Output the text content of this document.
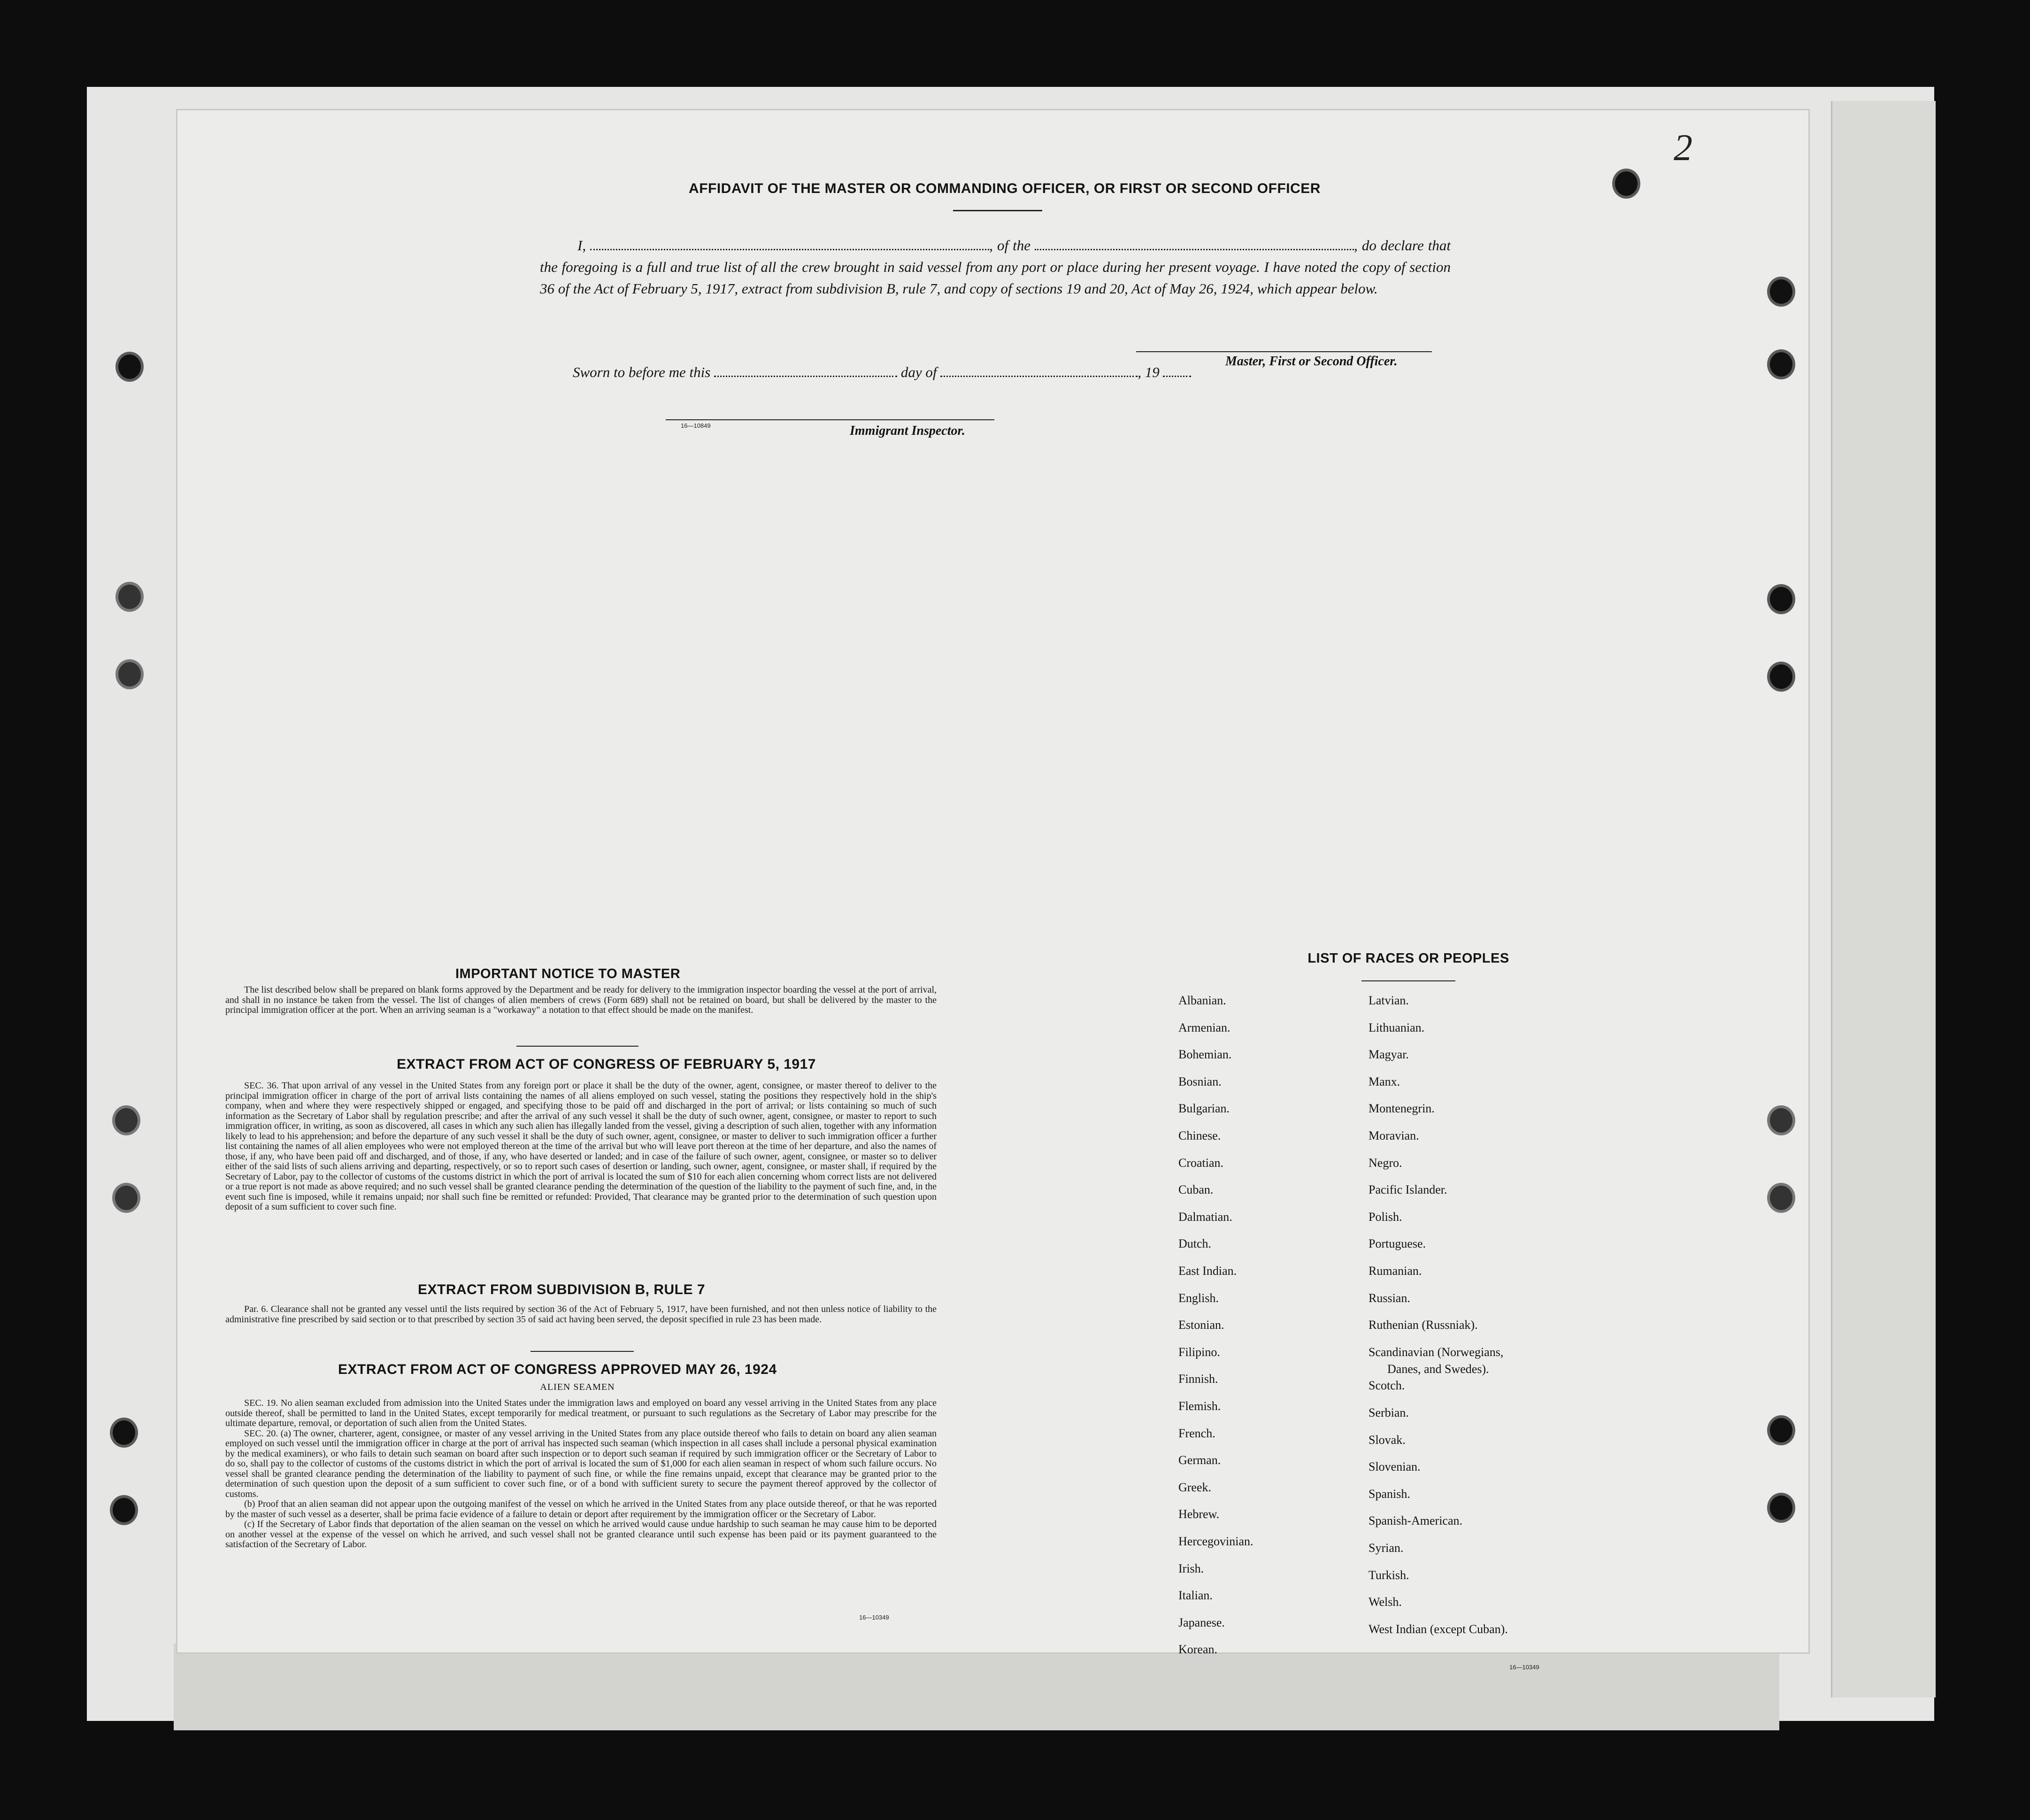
2
AFFIDAVIT OF THE MASTER OR COMMANDING OFFICER, OR FIRST OR SECOND OFFICER
I,	, of the	, do declare that the foregoing is a full and true list of all the crew brought in said vessel from any port or place during her present voyage. I have noted the copy of section 36 of the Act of February 5, 1917, extract from subdivision B, rule 7, and copy of sections 19 and 20, Act of May 26, 1924, which appear below.
Master, First or Second Officer.
Sworn to before me this	day of	, 19
16—10849	Immigrant Inspector.
IMPORTANT NOTICE TO MASTER

The list described below shall be prepared on blank forms approved by the Department and be ready for delivery to the immigration inspector boarding the vessel at the port of arrival, and shall in no instance be taken from the vessel. The list of changes of alien members of crews (Form 689) shall not be retained on board, but shall be delivered by the master to the principal immigration officer at the port. When an arriving seaman is a "workaway" a notation to that effect should be made on the manifest.

EXTRACT FROM ACT OF CONGRESS OF FEBRUARY 5, 1917

SEC. 36. That upon arrival of any vessel in the United States from any foreign port or place it shall be the duty of the owner, agent, consignee, or master thereof to deliver to the principal immigration officer in charge of the port of arrival lists containing the names of all aliens employed on such vessel, stating the positions they respectively hold in the ship's company, when and where they were respectively shipped or engaged, and specifying those to be paid off and discharged in the port of arrival; or lists containing so much of such information as the Secretary of Labor shall by regulation prescribe; and after the arrival of any such vessel it shall be the duty of such owner, agent, consignee, or master to report to such immigration officer, in writing, as soon as discovered, all cases in which any such alien has illegally landed from the vessel, giving a description of such alien, together with any information likely to lead to his apprehension; and before the departure of any such vessel it shall be the duty of such owner, agent, consignee, or master to deliver to such immigration officer a further list containing the names of all alien employees who were not employed thereon at the time of the arrival but who will leave port thereon at the time of her departure, and also the names of those, if any, who have been paid off and discharged, and of those, if any, who have deserted or landed; and in case of the failure of such owner, agent, consignee, or master so to deliver either of the said lists of such aliens arriving and departing, respectively, or so to report such cases of desertion or landing, such owner, agent, consignee, or master shall, if required by the Secretary of Labor, pay to the collector of customs of the customs district in which the port of arrival is located the sum of $10 for each alien concerning whom correct lists are not delivered or a true report is not made as above required; and no such vessel shall be granted clearance pending the determination of the question of the liability to the payment of such fine, and, in the event such fine is imposed, while it remains unpaid; nor shall such fine be remitted or refunded: Provided, That clearance may be granted prior to the determination of such question upon deposit of a sum sufficient to cover such fine.

EXTRACT FROM SUBDIVISION B, RULE 7

Par. 6. Clearance shall not be granted any vessel until the lists required by section 36 of the Act of February 5, 1917, have been furnished, and not then unless notice of liability to the administrative fine prescribed by said section or to that prescribed by section 35 of said act having been served, the deposit specified in rule 23 has been made.

EXTRACT FROM ACT OF CONGRESS APPROVED MAY 26, 1924
ALIEN SEAMEN

SEC. 19. No alien seaman excluded from admission into the United States under the immigration laws and employed on board any vessel arriving in the United States from any place outside thereof, shall be permitted to land in the United States, except temporarily for medical treatment, or pursuant to such regulations as the Secretary of Labor may prescribe for the ultimate departure, removal, or deportation of such alien from the United States.

SEC. 20. (a) The owner, charterer, agent, consignee, or master of any vessel arriving in the United States from any place outside thereof who fails to detain on board any alien seaman employed on such vessel until the immigration officer in charge at the port of arrival has inspected such seaman (which inspection in all cases shall include a personal physical examination by the medical examiners), or who fails to detain such seaman on board after such inspection or to deport such seaman if required by such immigration officer or the Secretary of Labor to do so, shall pay to the collector of customs of the customs district in which the port of arrival is located the sum of $1,000 for each alien seaman in respect of whom such failure occurs. No vessel shall be granted clearance pending the determination of the liability to payment of such fine, or while the fine remains unpaid, except that clearance may be granted prior to the determination of such question upon the deposit of a sum sufficient to cover such fine, or of a bond with sufficient surety to secure the payment thereof approved by the collector of customs.

(b) Proof that an alien seaman did not appear upon the outgoing manifest of the vessel on which he arrived in the United States from any place outside thereof, or that he was reported by the master of such vessel as a deserter, shall be prima facie evidence of a failure to detain or deport after requirement by the immigration officer or the Secretary of Labor.

(c) If the Secretary of Labor finds that deportation of the alien seaman on the vessel on which he arrived would cause undue hardship to such seaman he may cause him to be deported on another vessel at the expense of the vessel on which he arrived, and such vessel shall not be granted clearance until such expense has been paid or its payment guaranteed to the satisfaction of the Secretary of Labor.

16—10349
LIST OF RACES OR PEOPLES
Albanian.
Armenian.
Bohemian.
Bosnian.
Bulgarian.
Chinese.
Croatian.
Cuban.
Dalmatian.
Dutch.
East Indian.
English.
Estonian.
Filipino.
Finnish.
Flemish.
French.
German.
Greek.
Hebrew.
Hercegovinian.
Irish.
Italian.
Japanese.
Korean.
Latvian.
Lithuanian.
Magyar.
Manx.
Montenegrin.
Moravian.
Negro.
Pacific Islander.
Polish.
Portuguese.
Rumanian.
Russian.
Ruthenian (Russniak).
Scandinavian (Norwegians,
Danes, and Swedes).
Scotch.
Serbian.
Slovak.
Slovenian.
Spanish.
Spanish-American.
Syrian.
Turkish.
Welsh.
West Indian (except Cuban).
16—10349
